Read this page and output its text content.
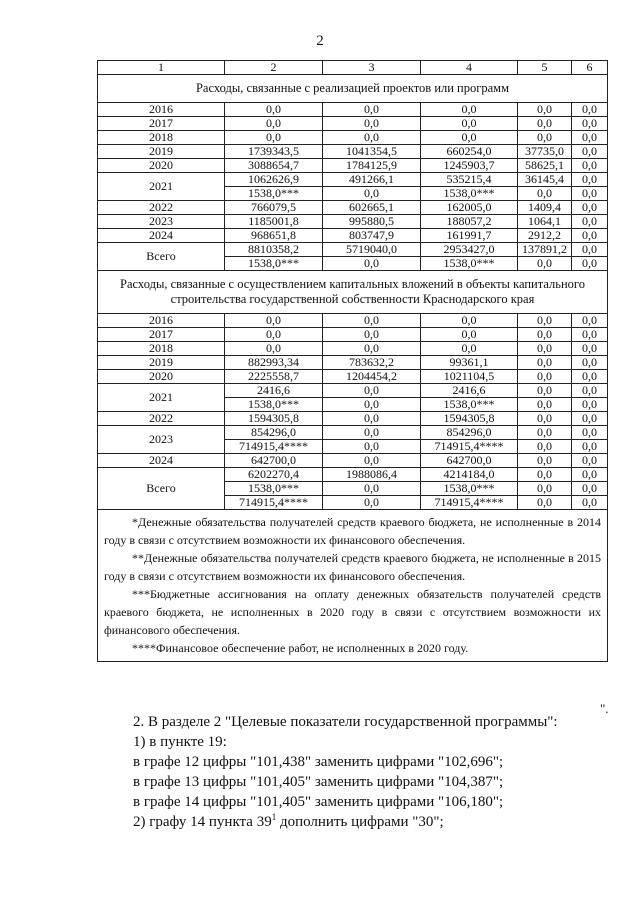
2
1	2	3	4	5	6
Расходы, связанные с реализацией проектов или программ					
2016	0,0	0,0	0,0	0,0	0,0
2017	0,0	0,0	0,0	0,0	0,0
2018	0,0	0,0	0,0	0,0	0,0
2019	1739343,5	1041354,5	660254,0	37735,0	0,0
2020	3088654,7	1784125,9	1245903,7	58625,1	0,0
2021	1062626,9	491266,1	535215,4	36145,4	0,0
	1538,0***	0,0	1538,0***	0,0	0,0
2022	766079,5	602665,1	162005,0	1409,4	0,0
2023	1185001,8	995880,5	188057,2	1064,1	0,0
2024	968651,8	803747,9	161991,7	2912,2	0,0
Всего	8810358,2	5719040,0	2953427,0	137891,2	0,0
	1538,0***	0,0	1538,0***	0,0	0,0
Расходы, связанные с осуществлением капитальных вложений в объекты капитального строительства государственной собственности Краснодарского края					
2016	0,0	0,0	0,0	0,0	0,0
2017	0,0	0,0	0,0	0,0	0,0
2018	0,0	0,0	0,0	0,0	0,0
2019	882993,34	783632,2	99361,1	0,0	0,0
2020	2225558,7	1204454,2	1021104,5	0,0	0,0
2021	2416,6	0,0	2416,6	0,0	0,0
	1538,0***	0,0	1538,0***	0,0	0,0
2022	1594305,8	0,0	1594305,8	0,0	0,0
2023	854296,0	0,0	854296,0	0,0	0,0
	714915,4****	0,0	714915,4****	0,0	0,0
2024	642700,0	0,0	642700,0	0,0	0,0
Всего	6202270,4	1988086,4	4214184,0	0,0	0,0
	1538,0***	0,0	1538,0***	0,0	0,0
	714915,4****	0,0	714915,4****	0,0	0,0

*Денежные обязательства получателей средств краевого бюджета, не исполненные в 2014 году в связи с отсутствием возможности их финансового обеспечения.
**Денежные обязательства получателей средств краевого бюджета, не исполненные в 2015 году в связи с отсутствием возможности их финансового обеспечения.
***Бюджетные ассигнования на оплату денежных обязательств получателей средств краевого бюджета, не исполненных в 2020 году в связи с отсутствием возможности их финансового обеспечения.
****Финансовое обеспечение работ, не исполненных в 2020 году.					
".
2. В разделе 2 "Целевые показатели государственной программы":
1) в пункте 19:
в графе 12 цифры "101,438" заменить цифрами "102,696";
в графе 13 цифры "101,405" заменить цифрами "104,387";
в графе 14 цифры "101,405" заменить цифрами "106,180";
2) графу 14 пункта $39^1$ дополнить цифрами "30";
